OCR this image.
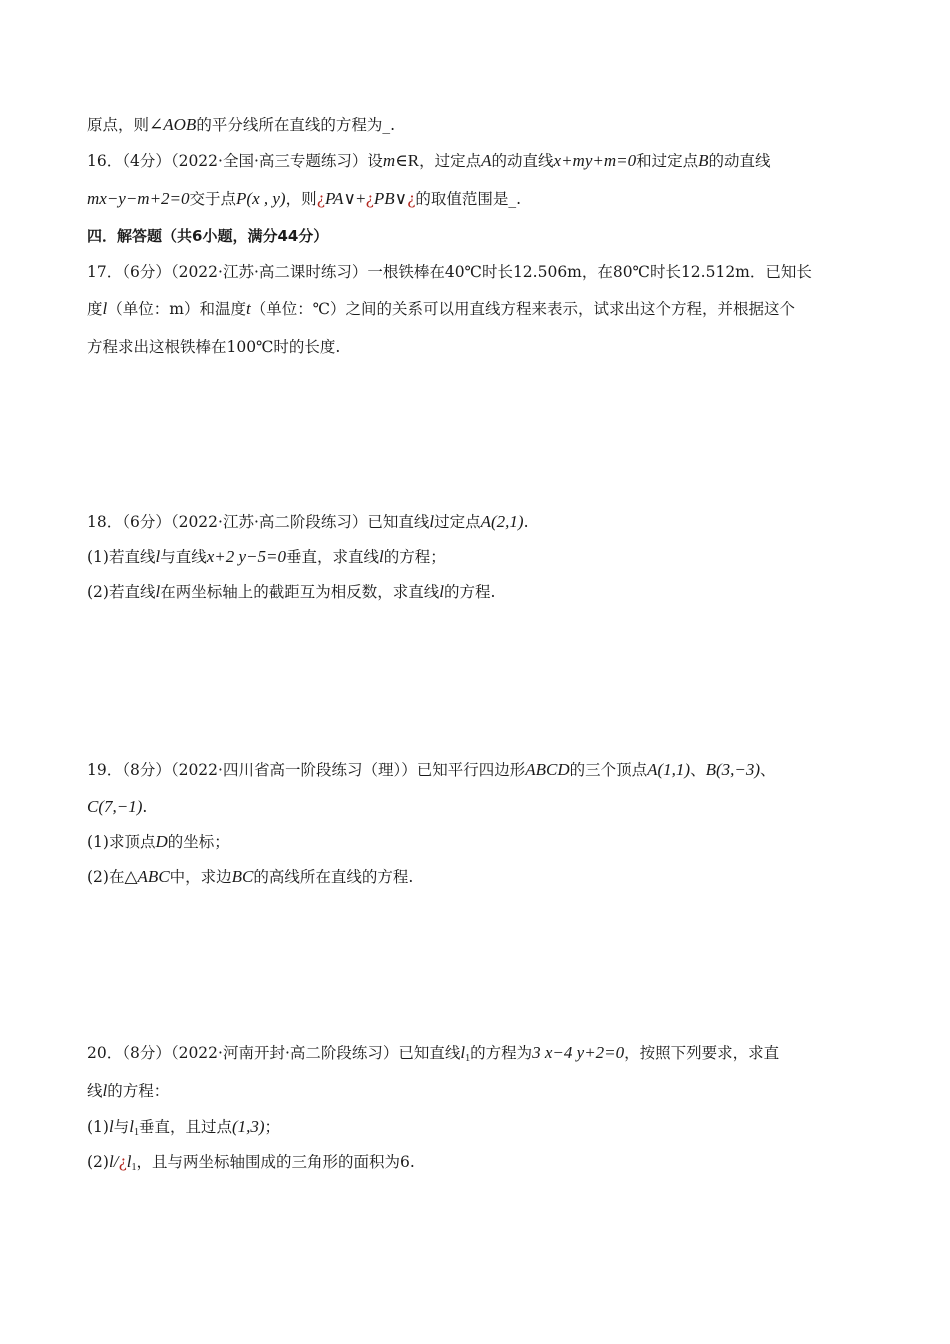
原点，则∠AOB的平分线所在直线的方程为_.
16．（4分）（2022·全国·高三专题练习）设m∈R，过定点A的动直线x+my+m=0和过定点B的动直线
mx−y−m+2=0交于点P(x , y)，则¿PA∨+¿PB∨¿的取值范围是_.
四．解答题（共6小题，满分44分）
17．（6分）（2022·江苏·高二课时练习）一根铁棒在40℃时长12.506m，在80℃时长12.512m．已知长
度l（单位：m）和温度t（单位：℃）之间的关系可以用直线方程来表示，试求出这个方程，并根据这个
方程求出这根铁棒在100℃时的长度.
18．（6分）（2022·江苏·高二阶段练习）已知直线l过定点A(2,1).
(1)若直线l与直线x+2 y−5=0垂直，求直线l的方程；
(2)若直线l在两坐标轴上的截距互为相反数，求直线l的方程.
19．（8分）（2022·四川省高一阶段练习（理））已知平行四边形ABCD的三个顶点A(1,1)、B(3,−3)、
C(7,−1).
(1)求顶点D的坐标；
(2)在△ABC中，求边BC的高线所在直线的方程.
20．（8分）（2022·河南开封·高二阶段练习）已知直线$l_1$的方程为3 x−4 y+2=0，按照下列要求，求直
线l的方程：
(1)l与$l_1$垂直，且过点(1,3)；
$(2)l/¿l_1$，且与两坐标轴围成的三角形的面积为6.
